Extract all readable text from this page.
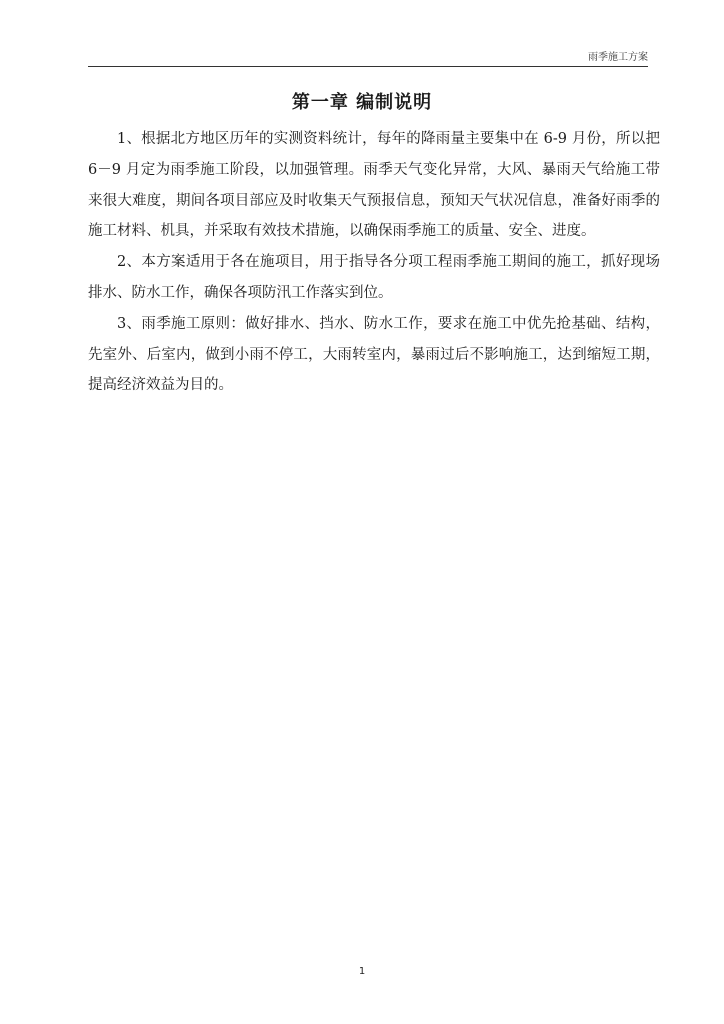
雨季施工方案
第一章 编制说明

1、根据北方地区历年的实测资料统计，每年的降雨量主要集中在 6-9 月份，所以把 6－9 月定为雨季施工阶段，以加强管理。雨季天气变化异常，大风、暴雨天气给施工带来很大难度，期间各项目部应及时收集天气预报信息，预知天气状况信息，准备好雨季的施工材料、机具，并采取有效技术措施，以确保雨季施工的质量、安全、进度。

2、本方案适用于各在施项目，用于指导各分项工程雨季施工期间的施工，抓好现场排水、防水工作，确保各项防汛工作落实到位。

3、雨季施工原则：做好排水、挡水、防水工作，要求在施工中优先抢基础、结构，先室外、后室内，做到小雨不停工，大雨转室内，暴雨过后不影响施工，达到缩短工期，提高经济效益为目的。

1
